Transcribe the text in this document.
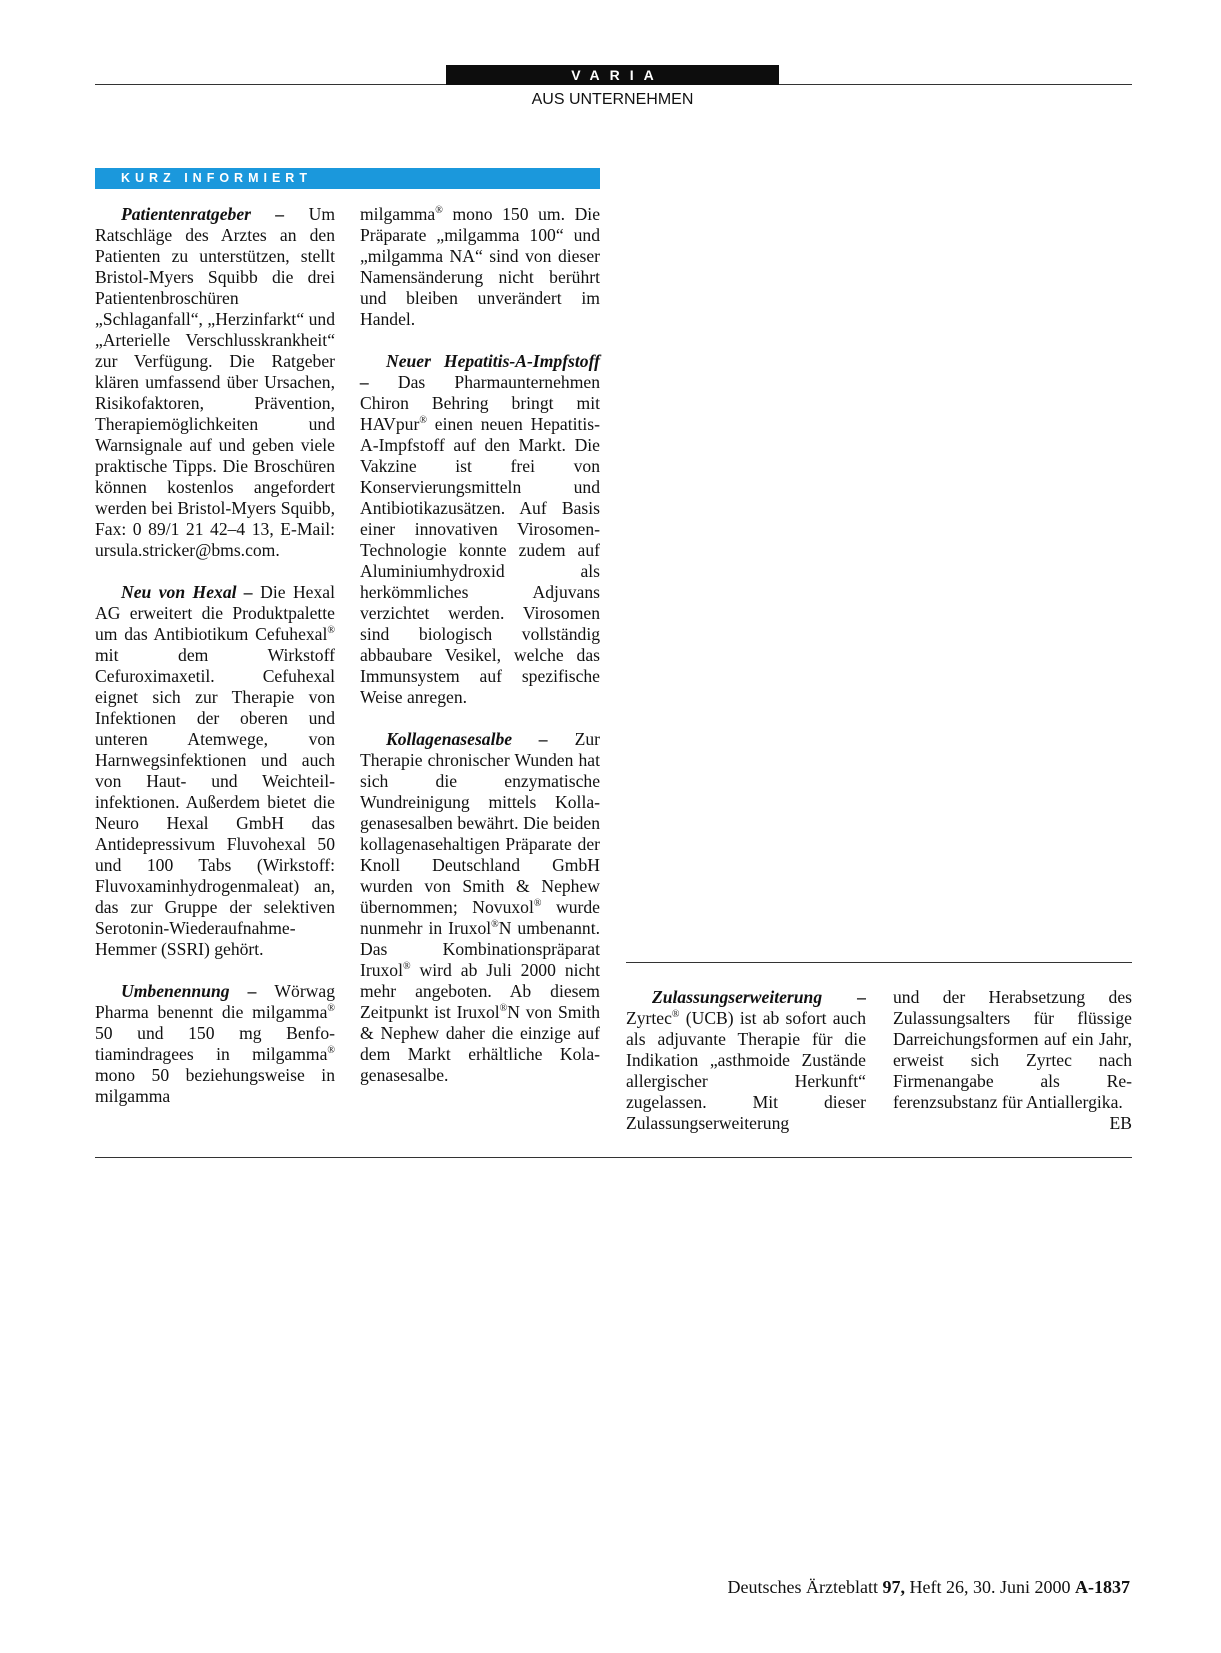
VARIA
AUS UNTERNEHMEN
KURZ INFORMIERT

Patientenratgeber – Um Ratschläge des Arztes an den Patienten zu unterstützen, stellt Bristol-Myers Squibb die drei Patientenbroschüren „Schlaganfall“, „Herzinfarkt“ und „Arterielle Verschlusskrankheit“ zur Verfügung. Die Ratgeber klären umfassend über Ursachen, Risikofaktoren, Prävention, Therapiemöglichkeiten und Warnsignale auf und geben viele praktische Tipps. Die Broschüren können kostenlos angefordert werden bei Bristol-Myers Squibb, Fax: 0 89/1 21 42–4 13, E-Mail: ursula.stricker@bms.com.

Neu von Hexal – Die Hexal AG erweitert die Produktpalette um das Antibiotikum Cefuhexal® mit dem Wirkstoff Cefuroximaxetil. Cefuhexal eignet sich zur Therapie von Infektionen der oberen und unteren Atemwege, von Harnwegsinfektionen und auch von Haut- und Weichteilinfektionen. Außerdem bietet die Neuro Hexal GmbH das Antidepressivum Fluvohexal 50 und 100 Tabs (Wirkstoff: Fluvoxaminhydrogenmaleat) an, das zur Gruppe der selektiven Serotonin-Wiederaufnahme-Hemmer (SSRI) gehört.

Umbenennung – Wörwag Pharma benennt die milgamma® 50 und 150 mg Benfotiamindragees in milgamma® mono 50 beziehungsweise in milgamma

milgamma® mono 150 um. Die Präparate „milgamma 100“ und „milgamma NA“ sind von dieser Namensänderung nicht berührt und bleiben unverändert im Handel.

Neuer Hepatitis-A-Impfstoff – Das Pharmaunternehmen Chiron Behring bringt mit HAVpur® einen neuen Hepatitis-A-Impfstoff auf den Markt. Die Vakzine ist frei von Konservierungsmitteln und Antibiotikazusätzen. Auf Basis einer innovativen Virosomen-Technologie konnte zudem auf Aluminiumhydroxid als herkömmliches Adjuvans verzichtet werden. Virosomen sind biologisch vollständig abbaubare Vesikel, welche das Immunsystem auf spezifische Weise anregen.

Kollagenasesalbe – Zur Therapie chronischer Wunden hat sich die enzymatische Wundreinigung mittels Kollagenasesalben bewährt. Die beiden kollagenasehaltigen Präparate der Knoll Deutschland GmbH wurden von Smith & Nephew übernommen; Novuxol® wurde nunmehr in Iruxol®N umbenannt. Das Kombinationspräparat Iruxol® wird ab Juli 2000 nicht mehr angeboten. Ab diesem Zeitpunkt ist Iruxol®N von Smith & Nephew daher die einzige auf dem Markt erhältliche Kolagenasesalbe.

Zulassungserweiterung – Zyrtec® (UCB) ist ab sofort auch als adjuvante Therapie für die Indikation „asthmoide Zustände allergischer Herkunft“ zugelassen. Mit dieser Zulassungserweiterung

und der Herabsetzung des Zulassungsalters für flüssige Darreichungsformen auf ein Jahr, erweist sich Zyrtec nach Firmenangabe als Referenzsubstanz für Antiallergika.
EB

Deutsches Ärzteblatt 97, Heft 26, 30. Juni 2000 A-1837
